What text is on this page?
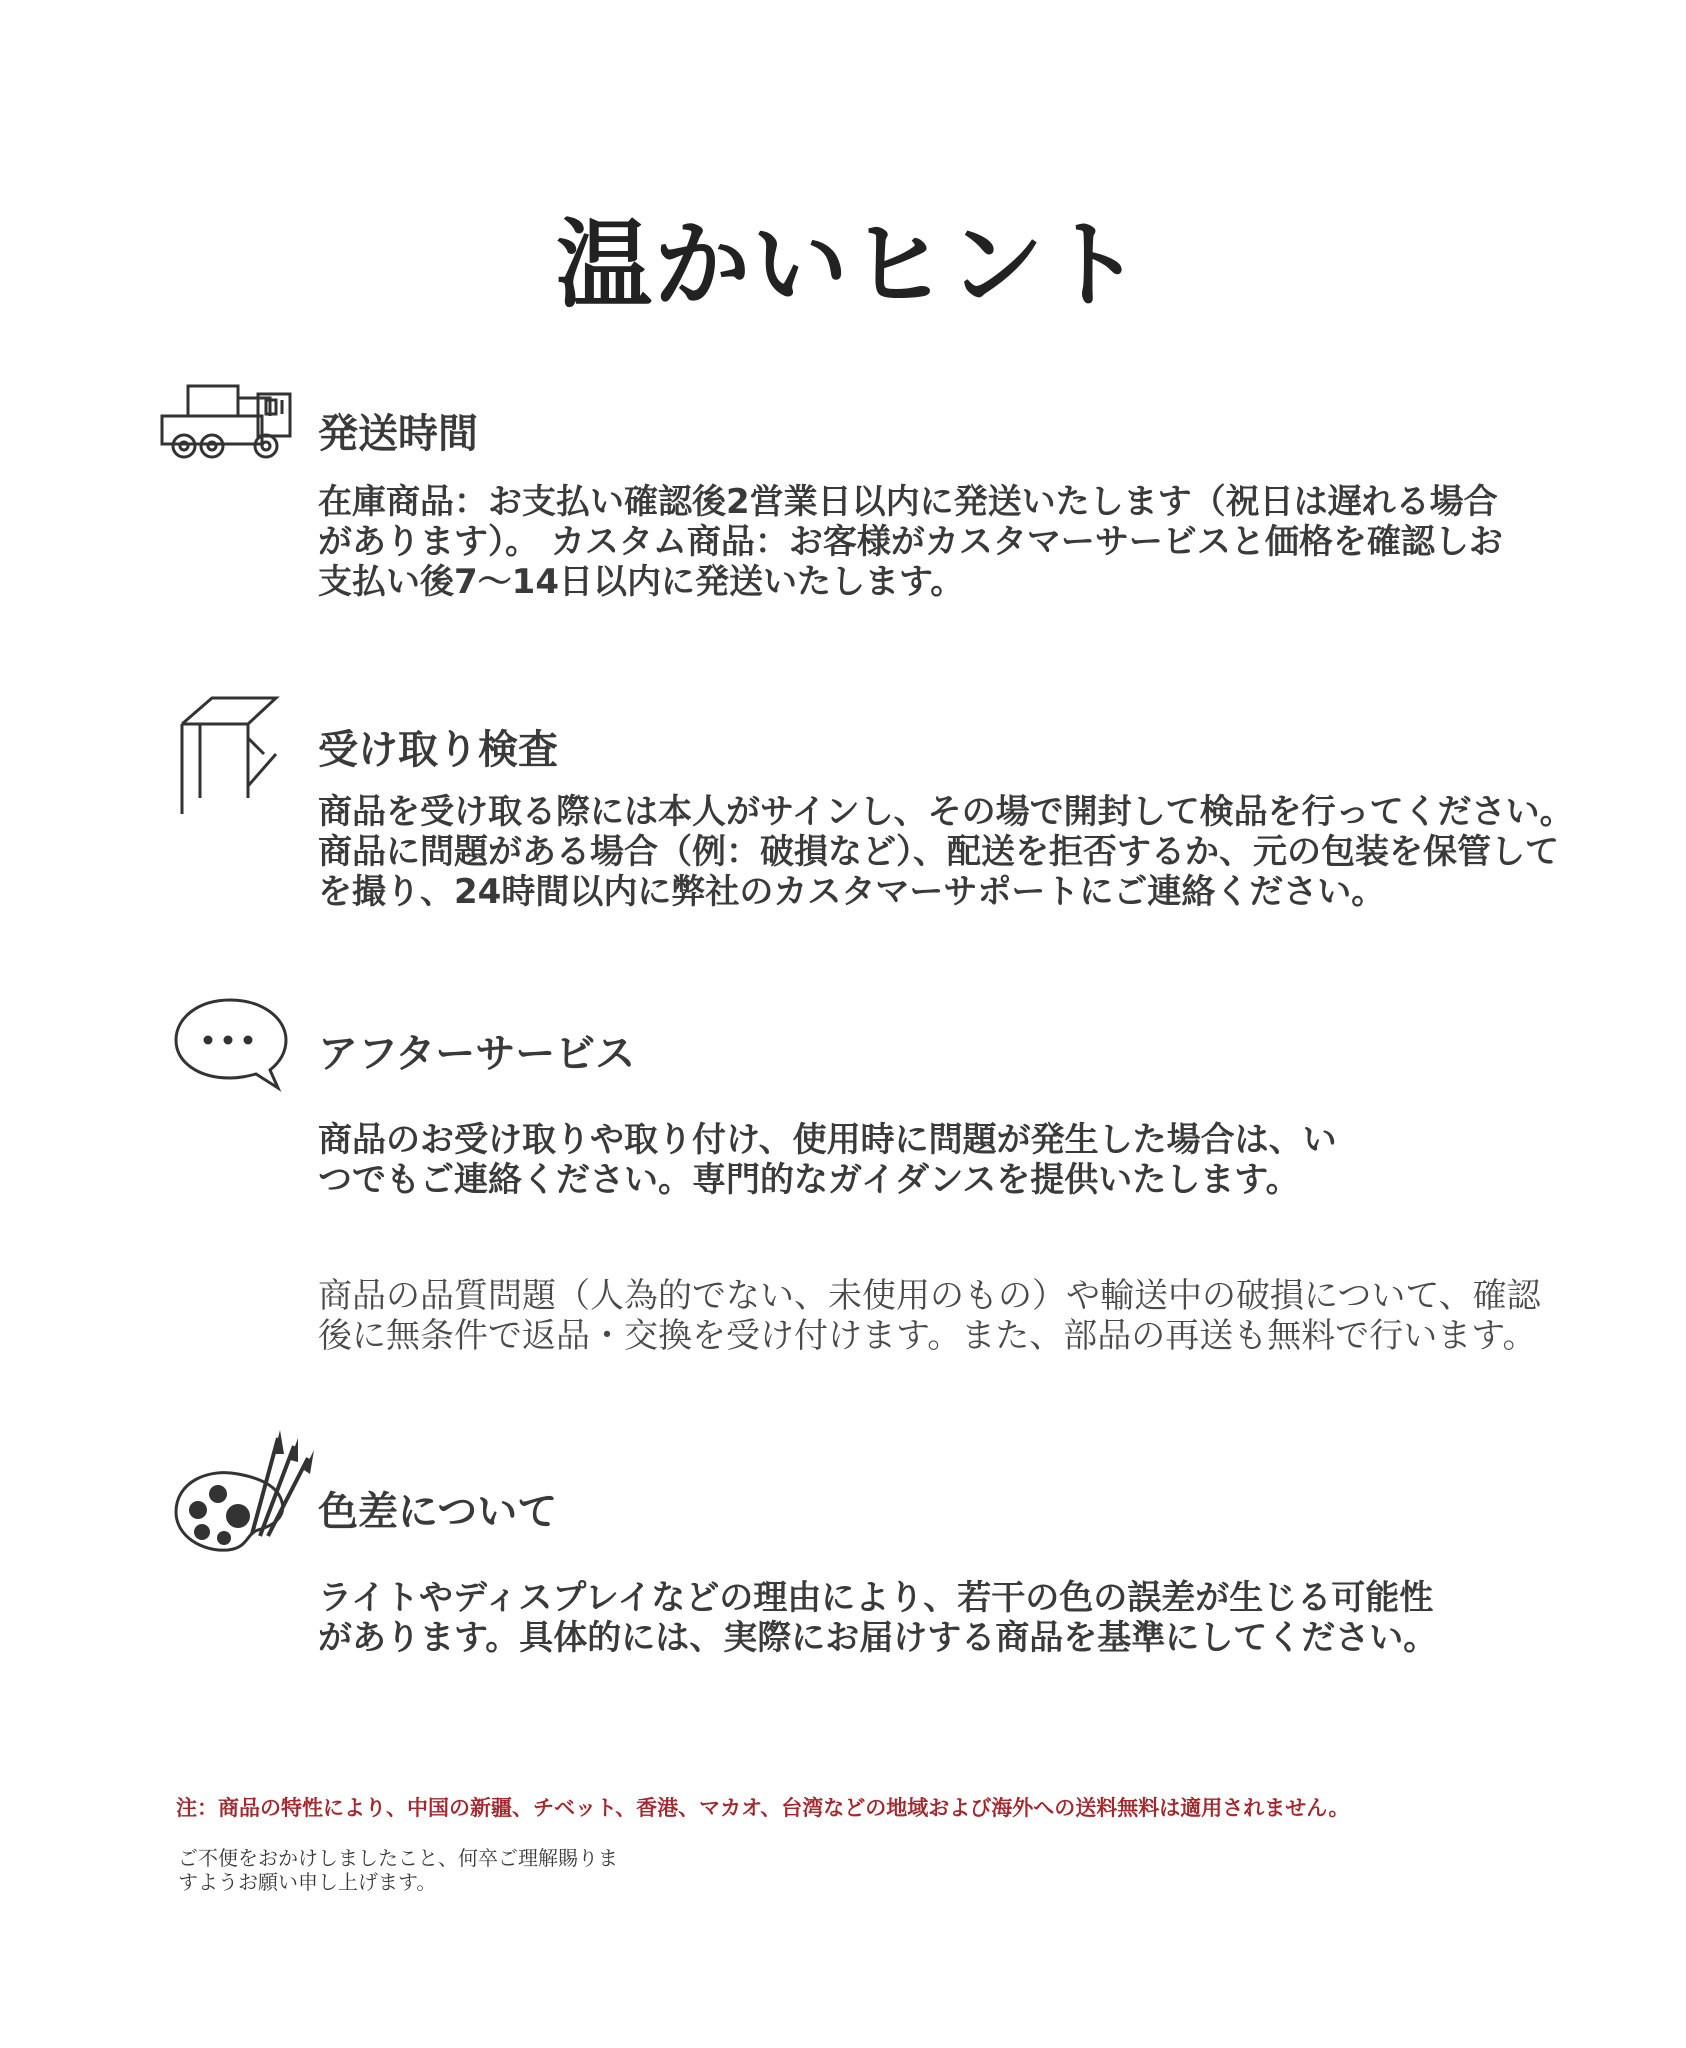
温かいヒント
発送時間
在庫商品：お支払い確認後2営業日以内に発送いたします（祝日は遅れる場合
があります）。 カスタム商品：お客様がカスタマーサービスと価格を確認しお
支払い後7〜14日以内に発送いたします。
受け取り検査
商品を受け取る際には本人がサインし、その場で開封して検品を行ってください。
商品に問題がある場合（例：破損など）、配送を拒否するか、元の包装を保管して
を撮り、24時間以内に弊社のカスタマーサポートにご連絡ください。
アフターサービス
商品のお受け取りや取り付け、使用時に問題が発生した場合は、い
つでもご連絡ください。専門的なガイダンスを提供いたします。
商品の品質問題（人為的でない、未使用のもの）や輸送中の破損について、確認
後に無条件で返品・交換を受け付けます。また、部品の再送も無料で行います。
色差について
ライトやディスプレイなどの理由により、若干の色の誤差が生じる可能性
があります。具体的には、実際にお届けする商品を基準にしてください。
注：商品の特性により、中国の新疆、チベット、香港、マカオ、台湾などの地域および海外への送料無料は適用されません。
ご不便をおかけしましたこと、何卒ご理解賜りま
すようお願い申し上げます。
